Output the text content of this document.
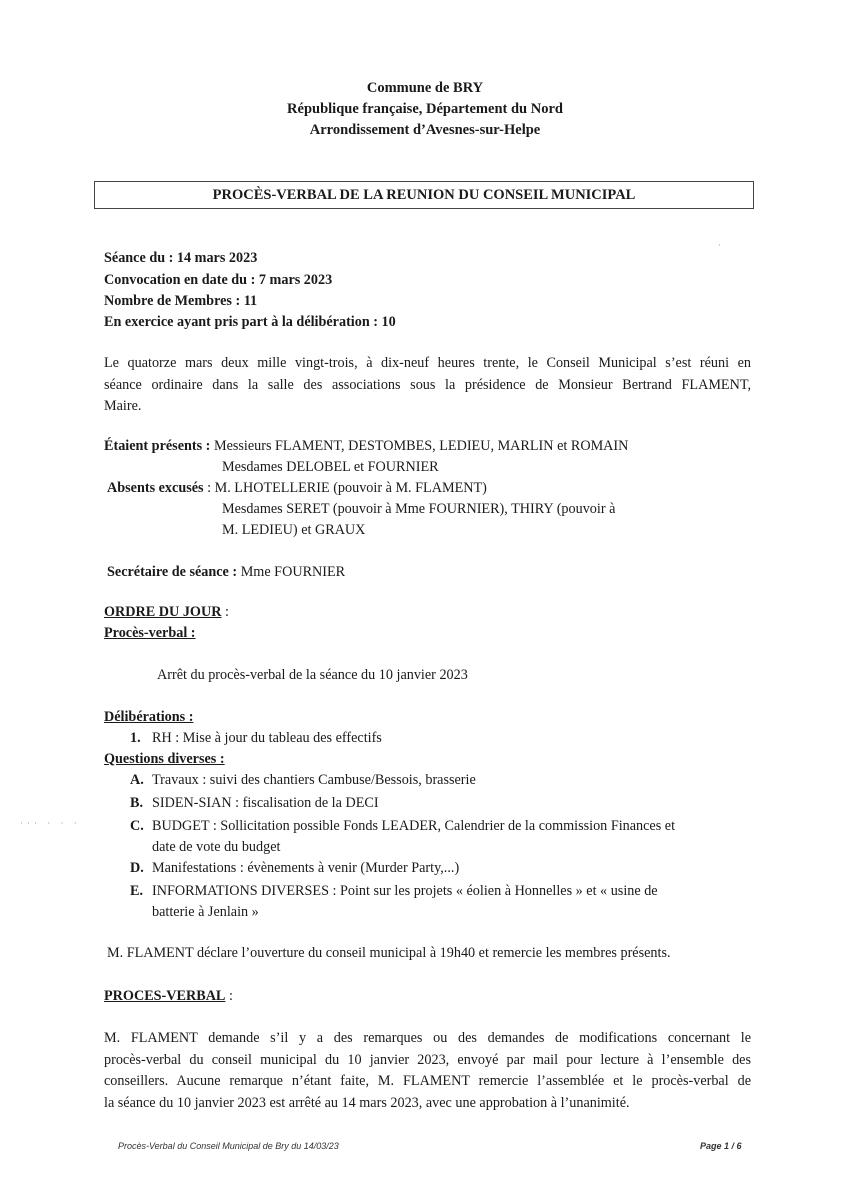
Commune de BRY
République française, Département du Nord
Arrondissement d’Avesnes-sur-Helpe
PROCÈS-VERBAL DE LA REUNION DU CONSEIL MUNICIPAL
Séance du : 14 mars 2023
Convocation en date du : 7 mars 2023
Nombre de Membres : 11
En exercice ayant pris part à la délibération : 10
·
Le quatorze mars deux mille vingt-trois, à dix-neuf heures trente, le Conseil Municipal s’est réuni en
séance ordinaire dans la salle des associations sous la présidence de Monsieur Bertrand FLAMENT,
Maire.
Étaient présents : Messieurs FLAMENT, DESTOMBES, LEDIEU, MARLIN et ROMAIN
Mesdames DELOBEL et FOURNIER
Absents excusés : M. LHOTELLERIE (pouvoir à M. FLAMENT)
Mesdames SERET (pouvoir à Mme FOURNIER), THIRY (pouvoir à
M. LEDIEU) et GRAUX
Secrétaire de séance : Mme FOURNIER
ORDRE DU JOUR :
Procès-verbal :
Arrêt du procès-verbal de la séance du 10 janvier 2023
Délibérations :
1. RH : Mise à jour du tableau des effectifs
Questions diverses :
A. Travaux : suivi des chantiers Cambuse/Bessois, brasserie
B. SIDEN-SIAN : fiscalisation de la DECI
C. BUDGET : Sollicitation possible Fonds LEADER, Calendrier de la commission Finances et
date de vote du budget
D. Manifestations : évènements à venir (Murder Party,...)
E. INFORMATIONS DIVERSES : Point sur les projets « éolien à Honnelles » et « usine de
batterie à Jenlain »
··· · · ·
M. FLAMENT déclare l’ouverture du conseil municipal à 19h40 et remercie les membres présents.
PROCES-VERBAL :
M. FLAMENT demande s’il y a des remarques ou des demandes de modifications concernant le
procès-verbal du conseil municipal du 10 janvier 2023, envoyé par mail pour lecture à l’ensemble des
conseillers. Aucune remarque n’étant faite, M. FLAMENT remercie l’assemblée et le procès-verbal de
la séance du 10 janvier 2023 est arrêté au 14 mars 2023, avec une approbation à l’unanimité.
Procès-Verbal du Conseil Municipal de Bry du 14/03/23	Page 1 / 6
